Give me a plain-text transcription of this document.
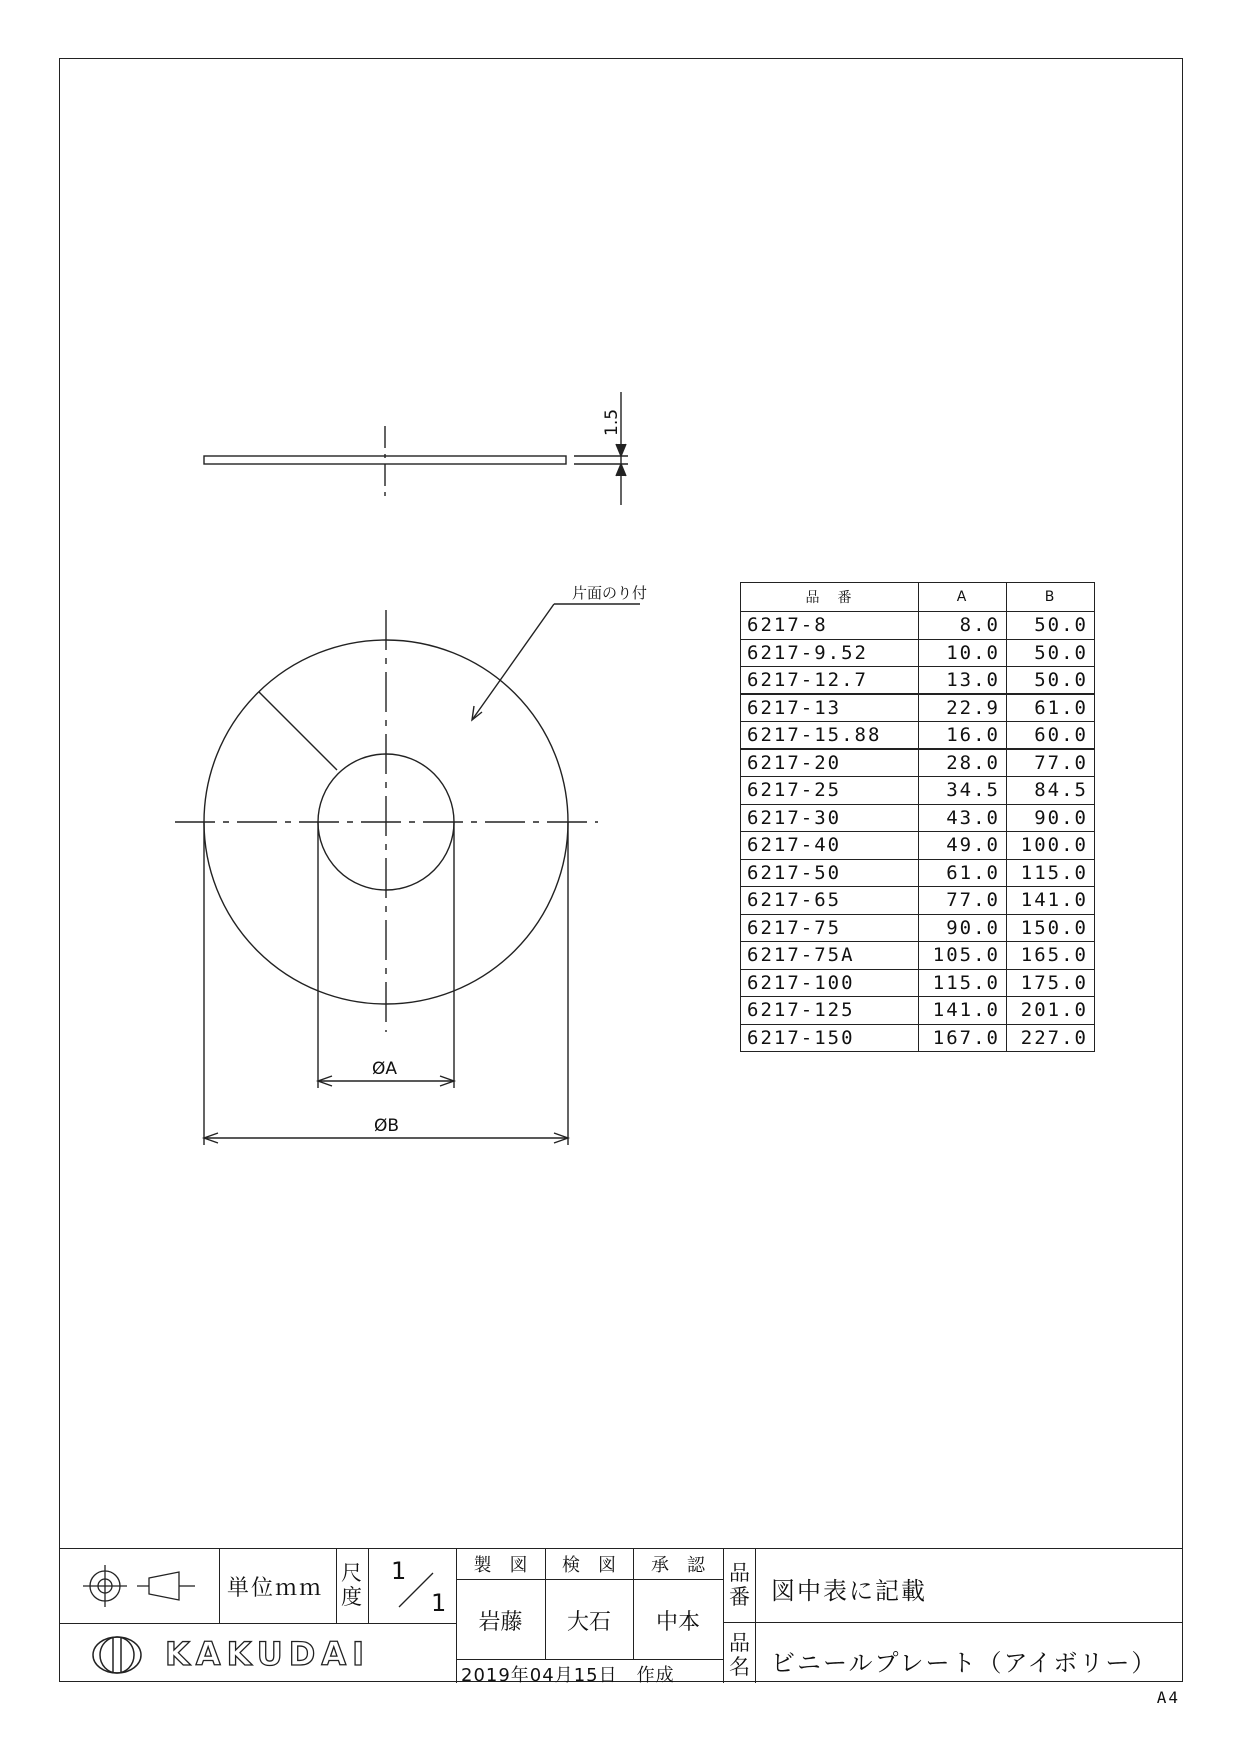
1.5
片面のり付
ØA
ØB
品　番	A	B
6217-8	8.0	50.0
6217-9.52	10.0	50.0
6217-12.7	13.0	50.0
6217-13	22.9	61.0
6217-15.88	16.0	60.0
6217-20	28.0	77.0
6217-25	34.5	84.5
6217-30	43.0	90.0
6217-40	49.0	100.0
6217-50	61.0	115.0
6217-65	77.0	141.0
6217-75	90.0	150.0
6217-75A	105.0	165.0
6217-100	115.0	175.0
6217-125	141.0	201.0
6217-150	167.0	227.0
単位ｍｍ
尺
度
1
1
KAKUDAI
製　図	検　図	承　認
岩藤	大石	中本
2019年04月15日　作成
品
番 図中表に記載
品
名 ビニールプレート（アイボリー）
A4
